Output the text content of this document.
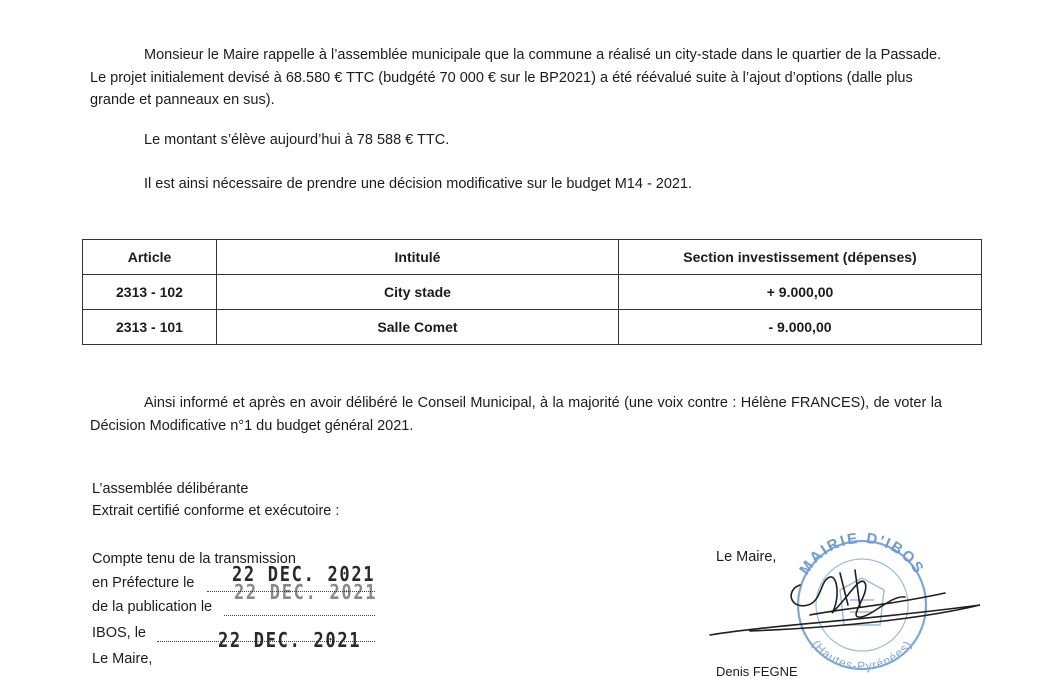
Monsieur le Maire rappelle à l’assemblée municipale que la commune a réalisé un city-stade dans le quartier de la Passade. Le projet initialement devisé à 68.580 € TTC (budgété 70 000 € sur le BP2021) a été réévalué suite à l’ajout d’options (dalle plus grande et panneaux en sus).
Le montant s’élève aujourd’hui à 78 588 € TTC.
Il est ainsi nécessaire de prendre une décision modificative sur le budget M14 - 2021.
Article	Intitulé	Section investissement (dépenses)
2313 - 102	City stade	+ 9.000,00
2313 - 101	Salle Comet	- 9.000,00
Ainsi informé et après en avoir délibéré le Conseil Municipal, à la majorité (une voix contre : Hélène FRANCES), de voter la Décision Modificative n°1 du budget général 2021.
L’assemblée délibérante
Extrait certifié conforme et exécutoire :
Compte tenu de la transmission
en Préfecture le 22 DEC. 2021
de la publication le
22 DEC. 2021
IBOS, le	22 DEC. 2021
Le Maire,
Le Maire,
Denis FEGNE
MAIRIE D'IBOS
(Hautes-Pyrénées)
